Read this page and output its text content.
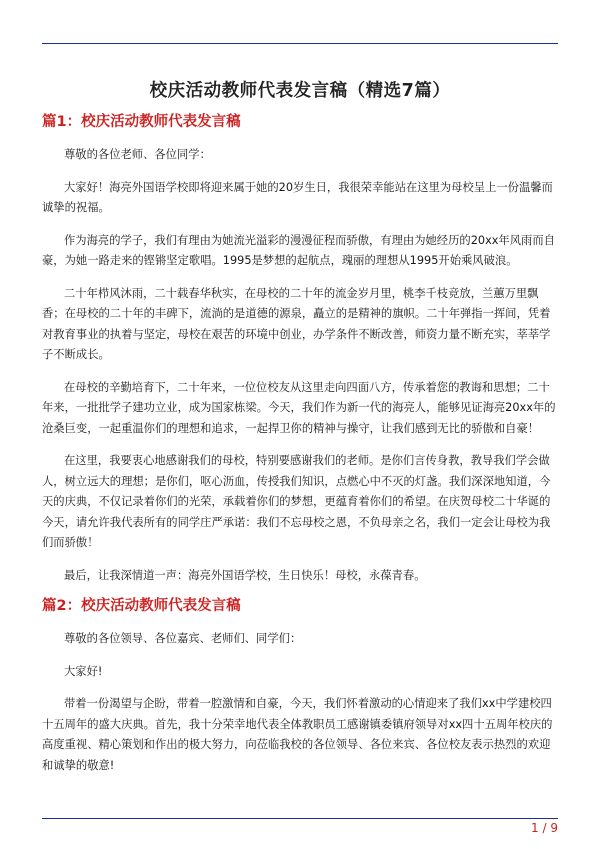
校庆活动教师代表发言稿（精选7篇）
篇1：校庆活动教师代表发言稿

尊敬的各位老师、各位同学：

大家好！海亮外国语学校即将迎来属于她的20岁生日，我很荣幸能站在这里为母校呈上一份温馨而诚挚的祝福。

作为海亮的学子，我们有理由为她流光溢彩的漫漫征程而骄傲，有理由为她经历的20xx年风雨而自豪，为她一路走来的铿锵坚定歌唱。1995是梦想的起航点，瑰丽的理想从1995开始乘风破浪。

二十年栉风沐雨，二十载春华秋实，在母校的二十年的流金岁月里，桃李千枝竞放，兰蕙万里飘香；在母校的二十年的丰碑下，流淌的是道德的源泉，矗立的是精神的旗帜。二十年弹指一挥间，凭着对教育事业的执着与坚定，母校在艰苦的环境中创业，办学条件不断改善，师资力量不断充实，莘莘学子不断成长。

在母校的辛勤培育下，二十年来，一位位校友从这里走向四面八方，传承着您的教诲和思想；二十年来，一批批学子建功立业，成为国家栋梁。今天，我们作为新一代的海亮人，能够见证海亮20xx年的沧桑巨变，一起重温你们的理想和追求，一起捍卫你的精神与操守，让我们感到无比的骄傲和自豪！

在这里，我要衷心地感谢我们的母校，特别要感谢我们的老师。是你们言传身教，教导我们学会做人，树立远大的理想；是你们，呕心沥血，传授我们知识，点燃心中不灭的灯盏。我们深深地知道，今天的庆典，不仅记录着你们的光荣，承载着你们的梦想，更蕴育着你们的希望。在庆贺母校二十华诞的今天，请允许我代表所有的同学庄严承诺：我们不忘母校之恩，不负母亲之名，我们一定会让母校为我们而骄傲！

最后，让我深情道一声：海亮外国语学校，生日快乐！母校，永葆青春。

篇2：校庆活动教师代表发言稿

尊敬的各位领导、各位嘉宾、老师们、同学们：

大家好!

带着一份渴望与企盼，带着一腔激情和自豪，今天，我们怀着激动的心情迎来了我们xx中学建校四十五周年的盛大庆典。首先，我十分荣幸地代表全体教职员工感谢镇委镇府领导对xx四十五周年校庆的高度重视、精心策划和作出的极大努力，向莅临我校的各位领导、各位来宾、各位校友表示热烈的欢迎和诚挚的敬意!

1 / 9
